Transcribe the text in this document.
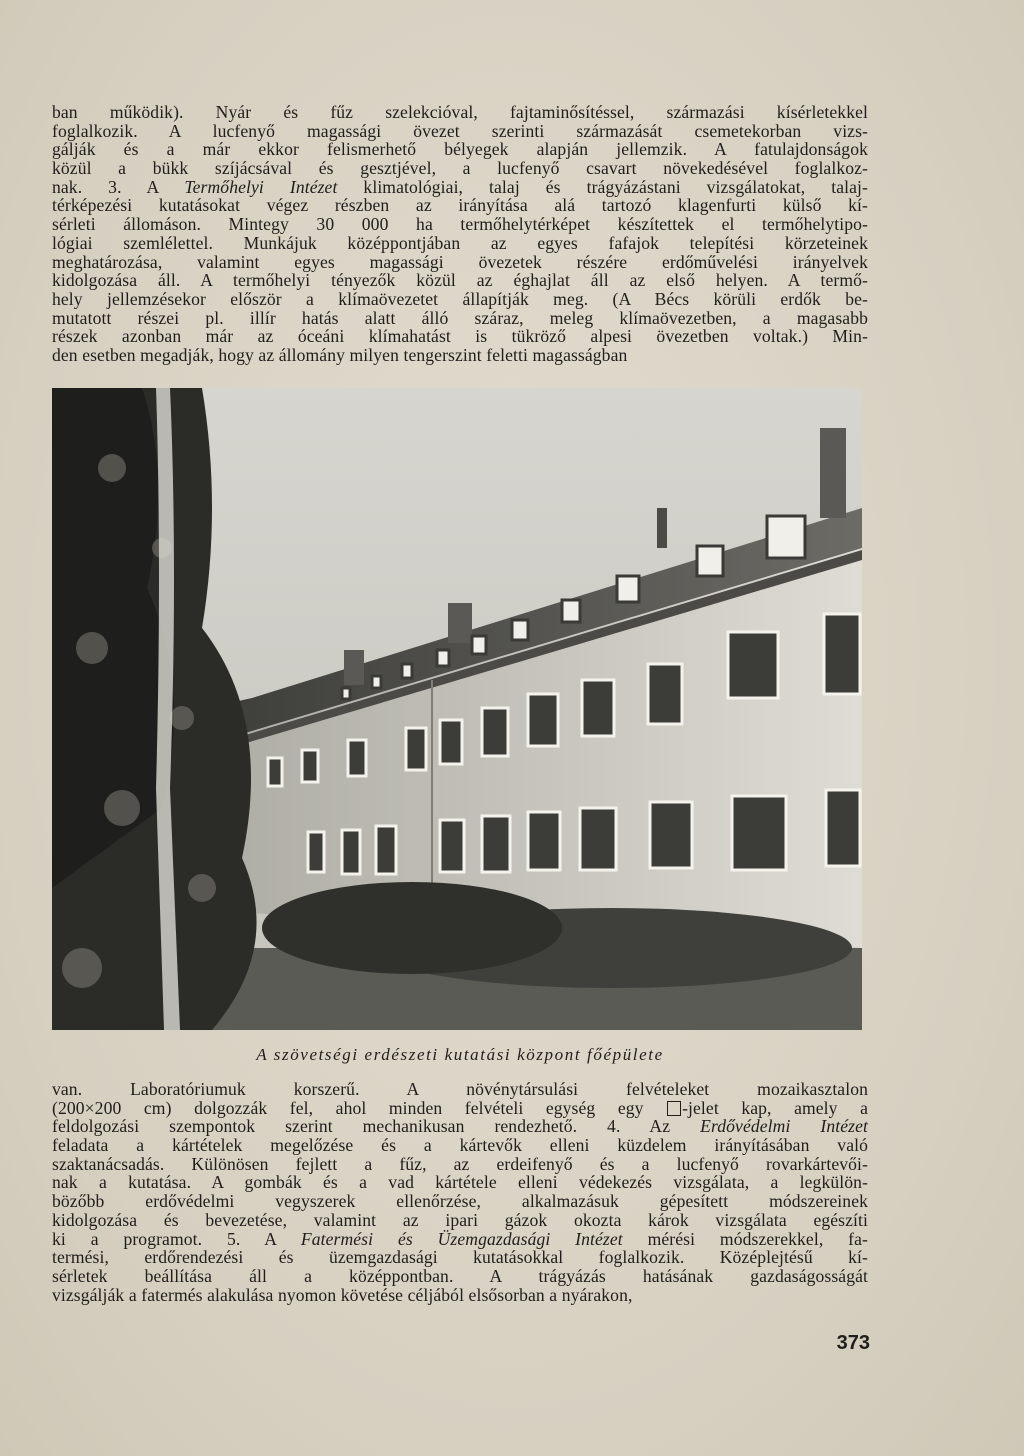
ban működik). Nyár és fűz szelekcióval, fajtaminősítéssel, származási kísérletekkel
foglalkozik. A lucfenyő magassági övezet szerinti származását csemetekorban vizs-
gálják és a már ekkor felismerhető bélyegek alapján jellemzik. A fatulajdonságok
közül a bükk szíjácsával és gesztjével, a lucfenyő csavart növekedésével foglalkoz-
nak. 3. A Termőhelyi Intézet klimatológiai, talaj és trágyázástani vizsgálatokat, talaj-
térképezési kutatásokat végez részben az irányítása alá tartozó klagenfurti külső kí-
sérleti állomáson. Mintegy 30 000 ha termőhelytérképet készítettek el termőhelytipo-
lógiai szemlélettel. Munkájuk középpontjában az egyes fafajok telepítési körzeteinek
meghatározása, valamint egyes magassági övezetek részére erdőművelési irányelvek
kidolgozása áll. A termőhelyi tényezők közül az éghajlat áll az első helyen. A termő-
hely jellemzésekor először a klímaövezetet állapítják meg. (A Bécs körüli erdők be-
mutatott részei pl. illír hatás alatt álló száraz, meleg klímaövezetben, a magasabb
részek azonban már az óceáni klímahatást is tükröző alpesi övezetben voltak.) Min-
den esetben megadják, hogy az állomány milyen tengerszint feletti magasságban
A szövetségi erdészeti kutatási központ főépülete
van. Laboratóriumuk korszerű. A növénytársulási felvételeket mozaikasztalon
(200×200 cm) dolgozzák fel, ahol minden felvételi egység egy -jelet kap, amely a
feldolgozási szempontok szerint mechanikusan rendezhető. 4. Az Erdővédelmi Intézet
feladata a kártételek megelőzése és a kártevők elleni küzdelem irányításában való
szaktanácsadás. Különösen fejlett a fűz, az erdeifenyő és a lucfenyő rovarkártevői-
nak a kutatása. A gombák és a vad kártétele elleni védekezés vizsgálata, a legkülön-
bözőbb erdővédelmi vegyszerek ellenőrzése, alkalmazásuk gépesített módszereinek
kidolgozása és bevezetése, valamint az ipari gázok okozta károk vizsgálata egészíti
ki a programot. 5. A Fatermési és Üzemgazdasági Intézet mérési módszerekkel, fa-
termési, erdőrendezési és üzemgazdasági kutatásokkal foglalkozik. Középlejtésű kí-
sérletek beállítása áll a középpontban. A trágyázás hatásának gazdaságosságát
vizsgálják a fatermés alakulása nyomon követése céljából elsősorban a nyárakon,
373
